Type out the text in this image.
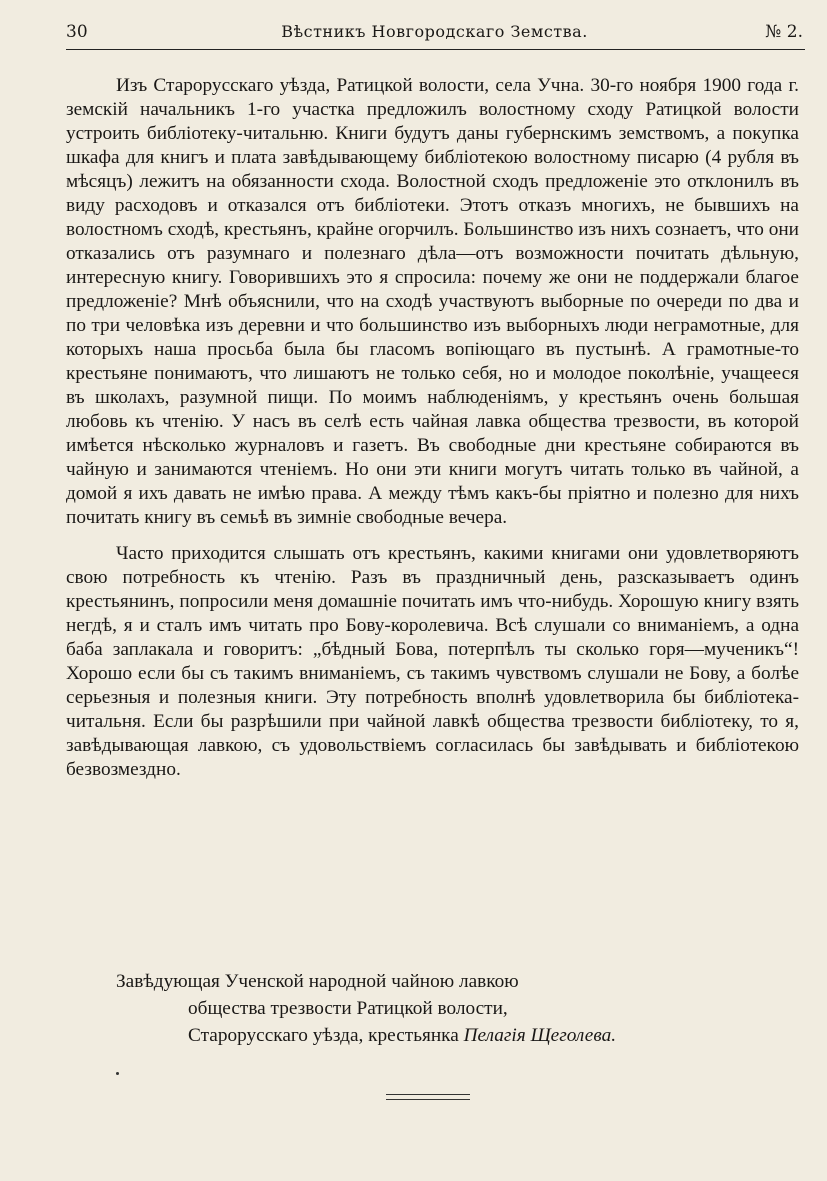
30	Вѣстникъ Новгородскаго Земства.	№ 2.

Изъ Старорусскаго уѣзда, Ратицкой волости, села Учна. 30-го ноября 1900 года г. земскій начальникъ 1-го участка предложилъ волостному сходу Ратицкой волости устроить библіотеку-читальню. Книги будутъ даны губернскимъ земствомъ, а покупка шкафа для книгъ и плата завѣдывающему библіотекою волостному писарю (4 рубля въ мѣсяцъ) лежитъ на обязанности схода. Волостной сходъ предложеніе это отклонилъ въ виду расходовъ и отказался отъ библіотеки. Этотъ отказъ многихъ, не бывшихъ на волостномъ сходѣ, крестьянъ, крайне огорчилъ. Большинство изъ нихъ сознаетъ, что они отказались отъ разумнаго и полезнаго дѣла—отъ возможности почитать дѣльную, интересную книгу. Говорившихъ это я спросила: почему же они не поддержали благое предложеніе? Мнѣ объяснили, что на сходѣ участвуютъ выборные по очереди по два и по три человѣка изъ деревни и что большинство изъ выборныхъ люди неграмотные, для которыхъ наша просьба была бы гласомъ вопіющаго въ пустынѣ. А грамотные-то крестьяне понимаютъ, что лишаютъ не только себя, но и молодое поколѣніе, учащееся въ школахъ, разумной пищи. По моимъ наблюденіямъ, у крестьянъ очень большая любовь къ чтенію. У насъ въ селѣ есть чайная лавка общества трезвости, въ которой имѣется нѣсколько журналовъ и газетъ. Въ свободные дни крестьяне собираются въ чайную и занимаются чтеніемъ. Но они эти книги могутъ читать только въ чайной, а домой я ихъ давать не имѣю права. А между тѣмъ какъ-бы пріятно и полезно для нихъ почитать книгу въ семьѣ въ зимніе свободные вечера.

Часто приходится слышать отъ крестьянъ, какими книгами они удовлетворяютъ свою потребность къ чтенію. Разъ въ праздничный день, разсказываетъ одинъ крестьянинъ, попросили меня домашніе почитать имъ что-нибудь. Хорошую книгу взять негдѣ, я и сталъ имъ читать про Бову-королевича. Всѣ слушали со вниманіемъ, а одна баба заплакала и говоритъ: „бѣдный Бова, потерпѣлъ ты сколько горя—мученикъ“! Хорошо если бы съ такимъ вниманіемъ, съ такимъ чувствомъ слушали не Бову, а болѣе серьезныя и полезныя книги. Эту потребность вполнѣ удовлетворила бы библіотека-читальня. Если бы разрѣшили при чайной лавкѣ общества трезвости библіотеку, то я, завѣдывающая лавкою, съ удовольствіемъ согласилась бы завѣдывать и библіотекою безвозмездно.

Завѣдующая Ученской народной чайною лавкою
общества трезвости Ратицкой волости,
Старорусскаго уѣзда, крестьянка Пелагія Щеголева.
